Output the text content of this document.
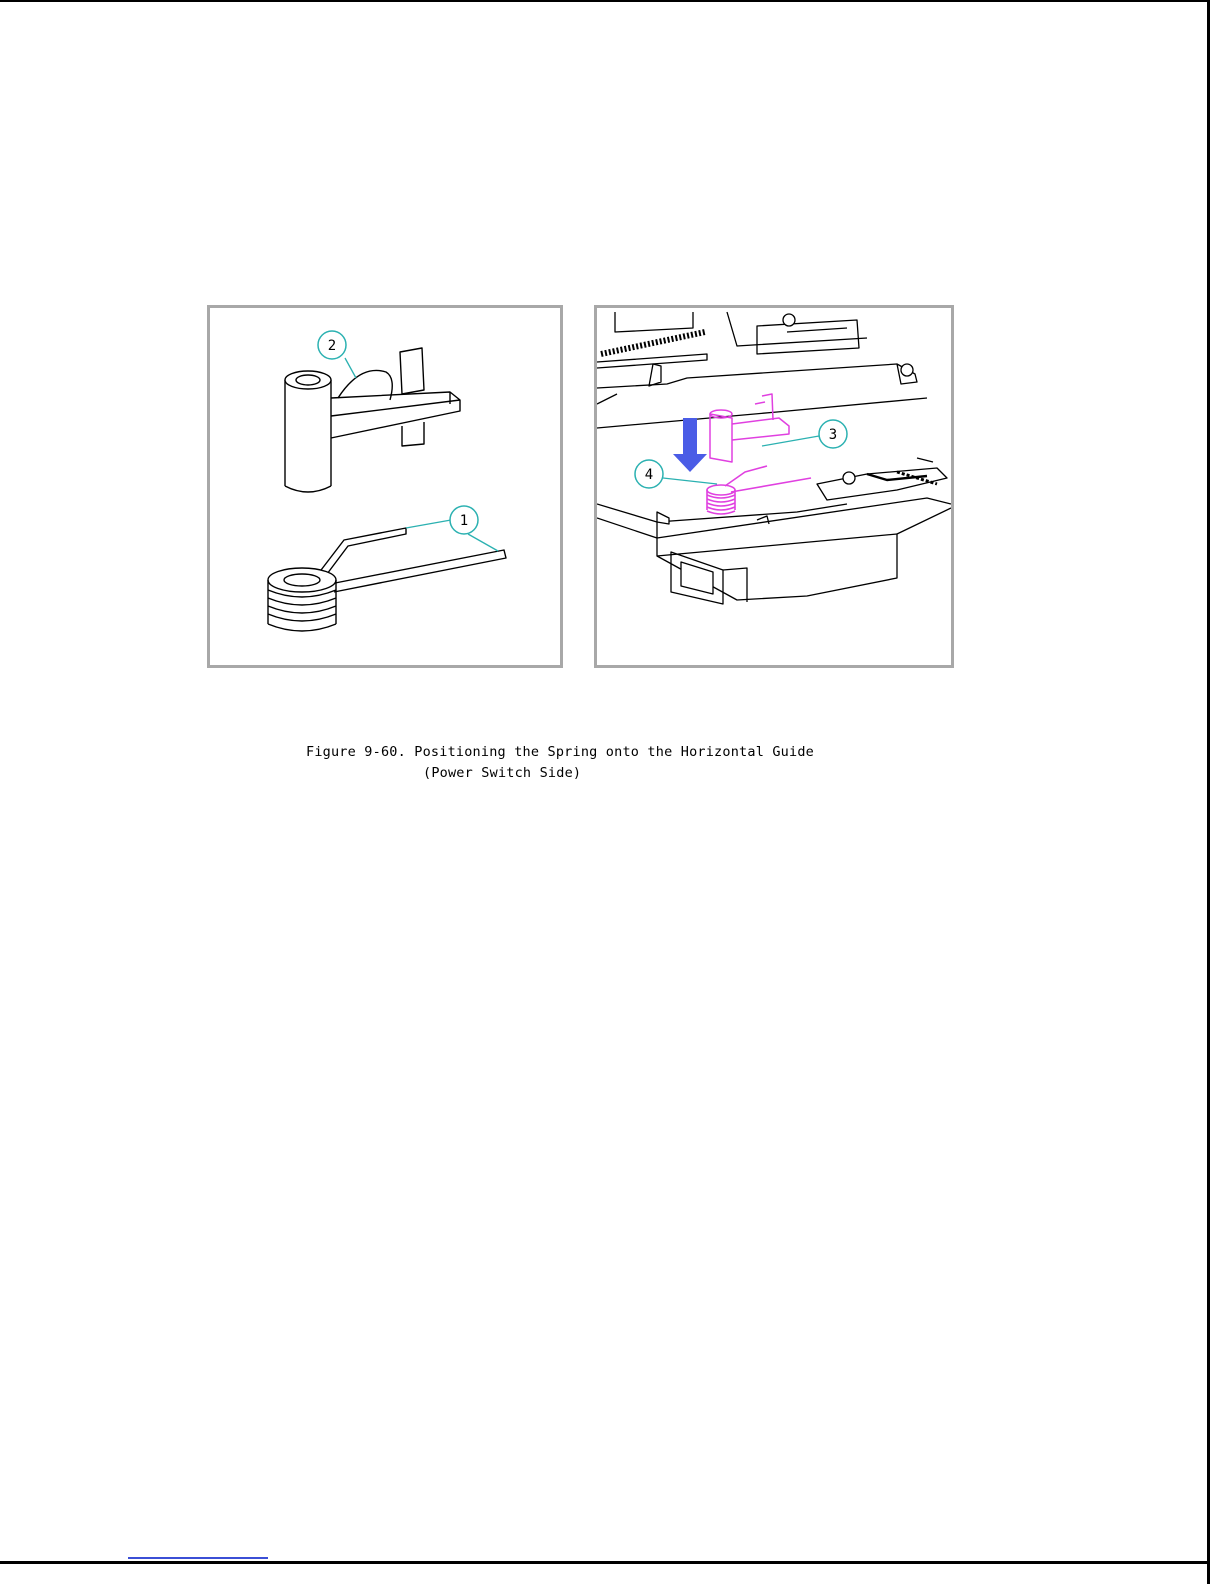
2
1
3
4
Figure 9-60. Positioning the Spring onto the Horizontal Guide
(Power Switch Side)
